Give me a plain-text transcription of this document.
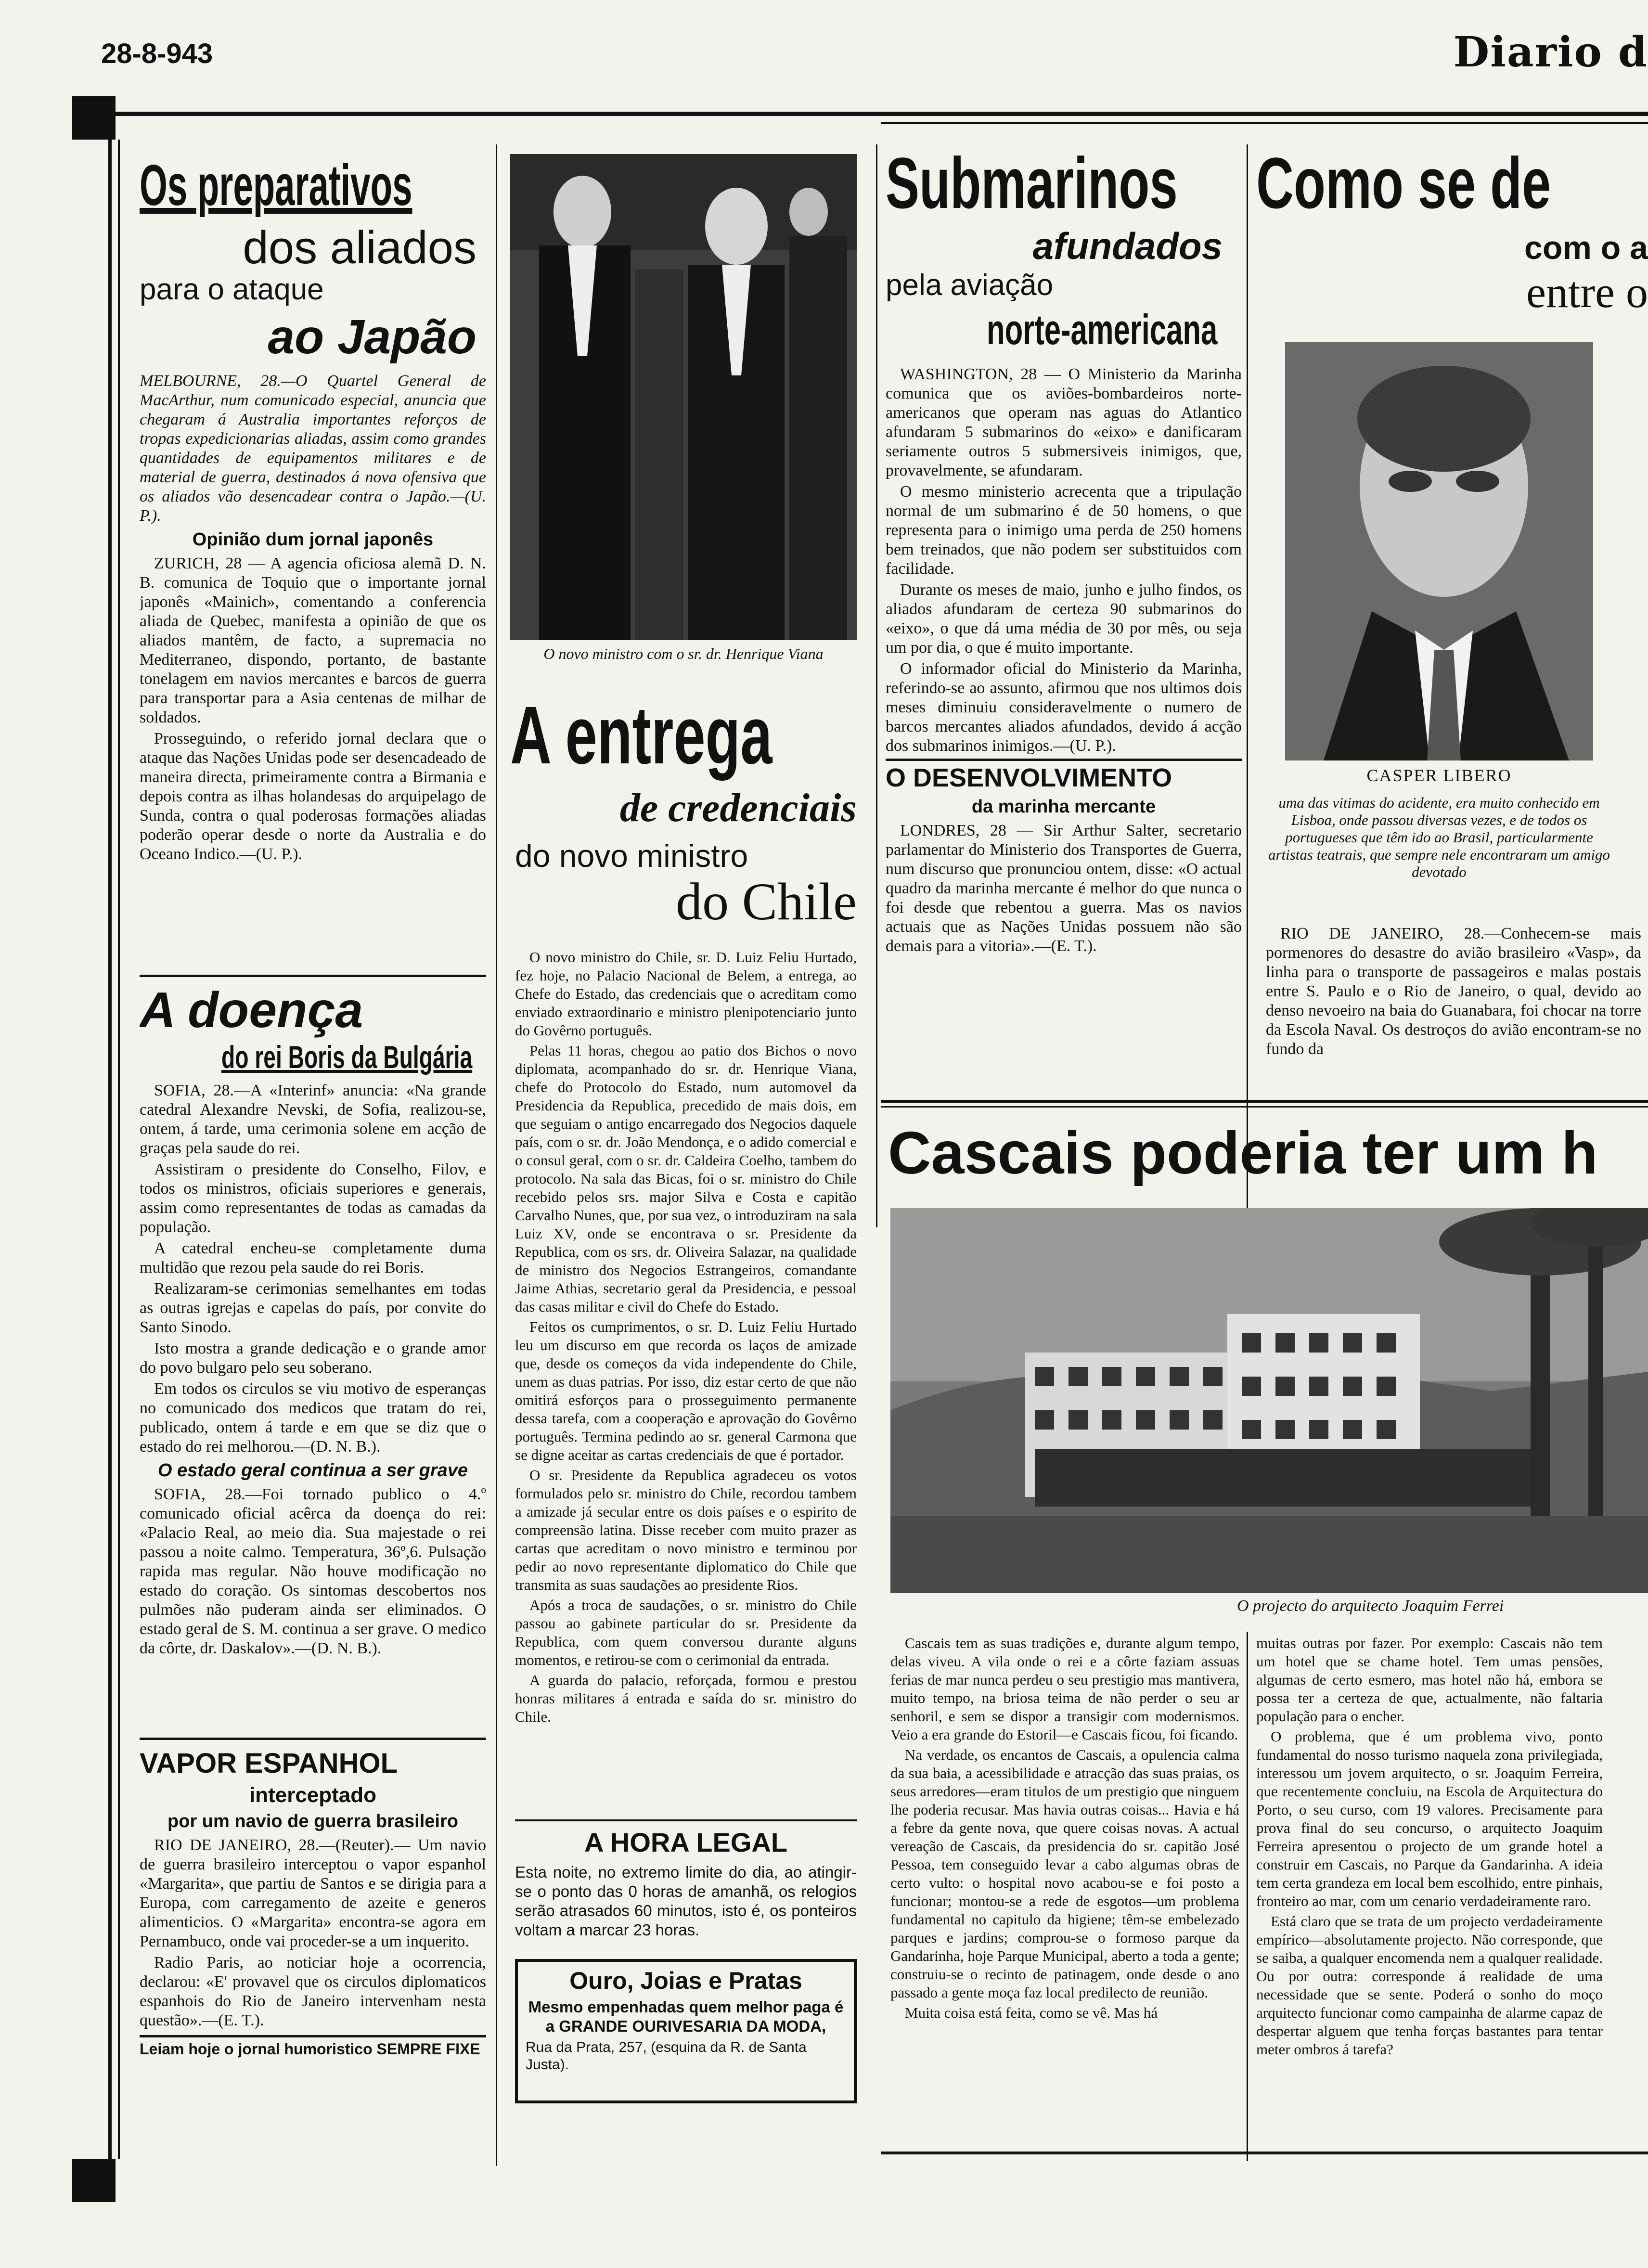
28-8-943	Diario d
Os preparativos
dos aliados
para o ataque
ao Japão
MELBOURNE, 28.—O Quartel General de MacArthur, num comunicado especial, anuncia que chegaram á Australia importantes reforços de tropas expedicionarias aliadas, assim como grandes quantidades de equipamentos militares e de material de guerra, destinados á nova ofensiva que os aliados vão desencadear contra o Japão.—(U. P.).
Opinião dum jornal japonês

ZURICH, 28 — A agencia oficiosa alemã D. N. B. comunica de Toquio que o importante jornal japonês «Mainich», comentando a conferencia aliada de Quebec, manifesta a opinião de que os aliados mantêm, de facto, a supremacia no Mediterraneo, dispondo, portanto, de bastante tonelagem em navios mercantes e barcos de guerra para transportar para a Asia centenas de milhar de soldados.

Prosseguindo, o referido jornal declara que o ataque das Nações Unidas pode ser desencadeado de maneira directa, primeiramente contra a Birmania e depois contra as ilhas holandesas do arquipelago de Sunda, contra o qual poderosas formações aliadas poderão operar desde o norte da Australia e do Oceano Indico.—(U. P.).

A doença
do rei Boris da Bulgária

SOFIA, 28.—A «Interinf» anuncia: «Na grande catedral Alexandre Nevski, de Sofia, realizou-se, ontem, á tarde, uma cerimonia solene em acção de graças pela saude do rei.

Assistiram o presidente do Conselho, Filov, e todos os ministros, oficiais superiores e generais, assim como representantes de todas as camadas da população.

A catedral encheu-se completamente duma multidão que rezou pela saude do rei Boris.

Realizaram-se cerimonias semelhantes em todas as outras igrejas e capelas do país, por convite do Santo Sinodo.

Isto mostra a grande dedicação e o grande amor do povo bulgaro pelo seu soberano.

Em todos os circulos se viu motivo de esperanças no comunicado dos medicos que tratam do rei, publicado, ontem á tarde e em que se diz que o estado do rei melhorou.—(D. N. B.).

O estado geral continua a ser grave

SOFIA, 28.—Foi tornado publico o 4.º comunicado oficial acêrca da doença do rei: «Palacio Real, ao meio dia. Sua majestade o rei passou a noite calmo. Temperatura, 36º,6. Pulsação rapida mas regular. Não houve modificação no estado do coração. Os sintomas descobertos nos pulmões não puderam ainda ser eliminados. O estado geral de S. M. continua a ser grave. O medico da côrte, dr. Daskalov».—(D. N. B.).

VAPOR ESPANHOL
interceptado
por um navio de guerra brasileiro

RIO DE JANEIRO, 28.—(Reuter).— Um navio de guerra brasileiro interceptou o vapor espanhol «Margarita», que partiu de Santos e se dirigia para a Europa, com carregamento de azeite e generos alimenticios. O «Margarita» encontra-se agora em Pernambuco, onde vai proceder-se a um inquerito.

Radio Paris, ao noticiar hoje a ocorrencia, declarou: «E' provavel que os circulos diplomaticos espanhois do Rio de Janeiro intervenham nesta questão».—(E. T.).

Leiam hoje o jornal humoristico SEMPRE FIXE
O novo ministro com o sr. dr. Henrique Viana
A entrega
de credenciais
do novo ministro
do Chile

O novo ministro do Chile, sr. D. Luiz Feliu Hurtado, fez hoje, no Palacio Nacional de Belem, a entrega, ao Chefe do Estado, das credenciais que o acreditam como enviado extraordinario e ministro plenipotenciario junto do Govêrno português.

Pelas 11 horas, chegou ao patio dos Bichos o novo diplomata, acompanhado do sr. dr. Henrique Viana, chefe do Protocolo do Estado, num automovel da Presidencia da Republica, precedido de mais dois, em que seguiam o antigo encarregado dos Negocios daquele país, com o sr. dr. João Mendonça, e o adido comercial e o consul geral, com o sr. dr. Caldeira Coelho, tambem do protocolo. Na sala das Bicas, foi o sr. ministro do Chile recebido pelos srs. major Silva e Costa e capitão Carvalho Nunes, que, por sua vez, o introduziram na sala Luiz XV, onde se encontrava o sr. Presidente da Republica, com os srs. dr. Oliveira Salazar, na qualidade de ministro dos Negocios Estrangeiros, comandante Jaime Athias, secretario geral da Presidencia, e pessoal das casas militar e civil do Chefe do Estado.

Feitos os cumprimentos, o sr. D. Luiz Feliu Hurtado leu um discurso em que recorda os laços de amizade que, desde os começos da vida independente do Chile, unem as duas patrias. Por isso, diz estar certo de que não omitirá esforços para o prosseguimento permanente dessa tarefa, com a cooperação e aprovação do Govêrno português. Termina pedindo ao sr. general Carmona que se digne aceitar as cartas credenciais de que é portador.

O sr. Presidente da Republica agradeceu os votos formulados pelo sr. ministro do Chile, recordou tambem a amizade já secular entre os dois países e o espirito de compreensão latina. Disse receber com muito prazer as cartas que acreditam o novo ministro e terminou por pedir ao novo representante diplomatico do Chile que transmita as suas saudações ao presidente Rios.

Após a troca de saudações, o sr. ministro do Chile passou ao gabinete particular do sr. Presidente da Republica, com quem conversou durante alguns momentos, e retirou-se com o cerimonial da entrada.

A guarda do palacio, reforçada, formou e prestou honras militares á entrada e saída do sr. ministro do Chile.

A HORA LEGAL
Esta noite, no extremo limite do dia, ao atingir-se o ponto das 0 horas de amanhã, os relogios serão atrasados 60 minutos, isto é, os ponteiros voltam a marcar 23 horas.
Ouro, Joias e Pratas
Mesmo empenhadas quem melhor paga é a GRANDE OURIVESARIA DA MODA,
Rua da Prata, 257, (esquina da R. de Santa Justa).
Submarinos
afundados
pela aviação
norte-americana

WASHINGTON, 28 — O Ministerio da Marinha comunica que os aviões-bombardeiros norte-americanos que operam nas aguas do Atlantico afundaram 5 submarinos do «eixo» e danificaram seriamente outros 5 submersiveis inimigos, que, provavelmente, se afundaram.

O mesmo ministerio acrecenta que a tripulação normal de um submarino é de 50 homens, o que representa para o inimigo uma perda de 250 homens bem treinados, que não podem ser substituidos com facilidade.

Durante os meses de maio, junho e julho findos, os aliados afundaram de certeza 90 submarinos do «eixo», o que dá uma média de 30 por mês, ou seja um por dia, o que é muito importante.

O informador oficial do Ministerio da Marinha, referindo-se ao assunto, afirmou que nos ultimos dois meses diminuiu consideravelmente o numero de barcos mercantes aliados afundados, devido á acção dos submarinos inimigos.—(U. P.).

O DESENVOLVIMENTO
da marinha mercante

LONDRES, 28 — Sir Arthur Salter, secretario parlamentar do Ministerio dos Transportes de Guerra, num discurso que pronunciou ontem, disse: «O actual quadro da marinha mercante é melhor do que nunca o foi desde que rebentou a guerra. Mas os navios actuais que as Nações Unidas possuem não são demais para a vitoria».—(E. T.).

Como se de
com o a
entre o
CASPER LIBERO
uma das vitimas do acidente, era muito conhecido em Lisboa, onde passou diversas vezes, e de todos os portugueses que têm ido ao Brasil, particularmente artistas teatrais, que sempre nele encontraram um amigo devotado

RIO DE JANEIRO, 28.—Conhecem-se mais pormenores do desastre do avião brasileiro «Vasp», da linha para o transporte de passageiros e malas postais entre S. Paulo e o Rio de Janeiro, o qual, devido ao denso nevoeiro na baia do Guanabara, foi chocar na torre da Escola Naval. Os destroços do avião encontram-se no fundo da

Cascais poderia ter um h
O projecto do arquitecto Joaquim Ferrei

Cascais tem as suas tradições e, durante algum tempo, delas viveu. A vila onde o rei e a côrte faziam assuas ferias de mar nunca perdeu o seu prestigio mas mantivera, muito tempo, na briosa teima de não perder o seu ar senhoril, e sem se dispor a transigir com modernismos. Veio a era grande do Estoril—e Cascais ficou, foi ficando.

Na verdade, os encantos de Cascais, a opulencia calma da sua baia, a acessibilidade e atracção das suas praias, os seus arredores—eram titulos de um prestigio que ninguem lhe poderia recusar. Mas havia outras coisas... Havia e há a febre da gente nova, que quere coisas novas. A actual vereação de Cascais, da presidencia do sr. capitão José Pessoa, tem conseguido levar a cabo algumas obras de certo vulto: o hospital novo acabou-se e foi posto a funcionar; montou-se a rede de esgotos—um problema fundamental no capitulo da higiene; têm-se embelezado parques e jardins; comprou-se o formoso parque da Gandarinha, hoje Parque Municipal, aberto a toda a gente; construiu-se o recinto de patinagem, onde desde o ano passado a gente moça faz local predilecto de reunião.

Muita coisa está feita, como se vê. Mas há

muitas outras por fazer. Por exemplo: Cascais não tem um hotel que se chame hotel. Tem umas pensões, algumas de certo esmero, mas hotel não há, embora se possa ter a certeza de que, actualmente, não faltaria população para o encher.

O problema, que é um problema vivo, ponto fundamental do nosso turismo naquela zona privilegiada, interessou um jovem arquitecto, o sr. Joaquim Ferreira, que recentemente concluiu, na Escola de Arquitectura do Porto, o seu curso, com 19 valores. Precisamente para prova final do seu concurso, o arquitecto Joaquim Ferreira apresentou o projecto de um grande hotel a construir em Cascais, no Parque da Gandarinha. A ideia tem certa grandeza em local bem escolhido, entre pinhais, fronteiro ao mar, com um cenario verdadeiramente raro.

Está claro que se trata de um projecto verdadeiramente empírico—absolutamente projecto. Não corresponde, que se saiba, a qualquer encomenda nem a qualquer realidade. Ou por outra: corresponde á realidade de uma necessidade que se sente. Poderá o sonho do moço arquitecto funcionar como campainha de alarme capaz de despertar alguem que tenha forças bastantes para tentar meter ombros á tarefa?
